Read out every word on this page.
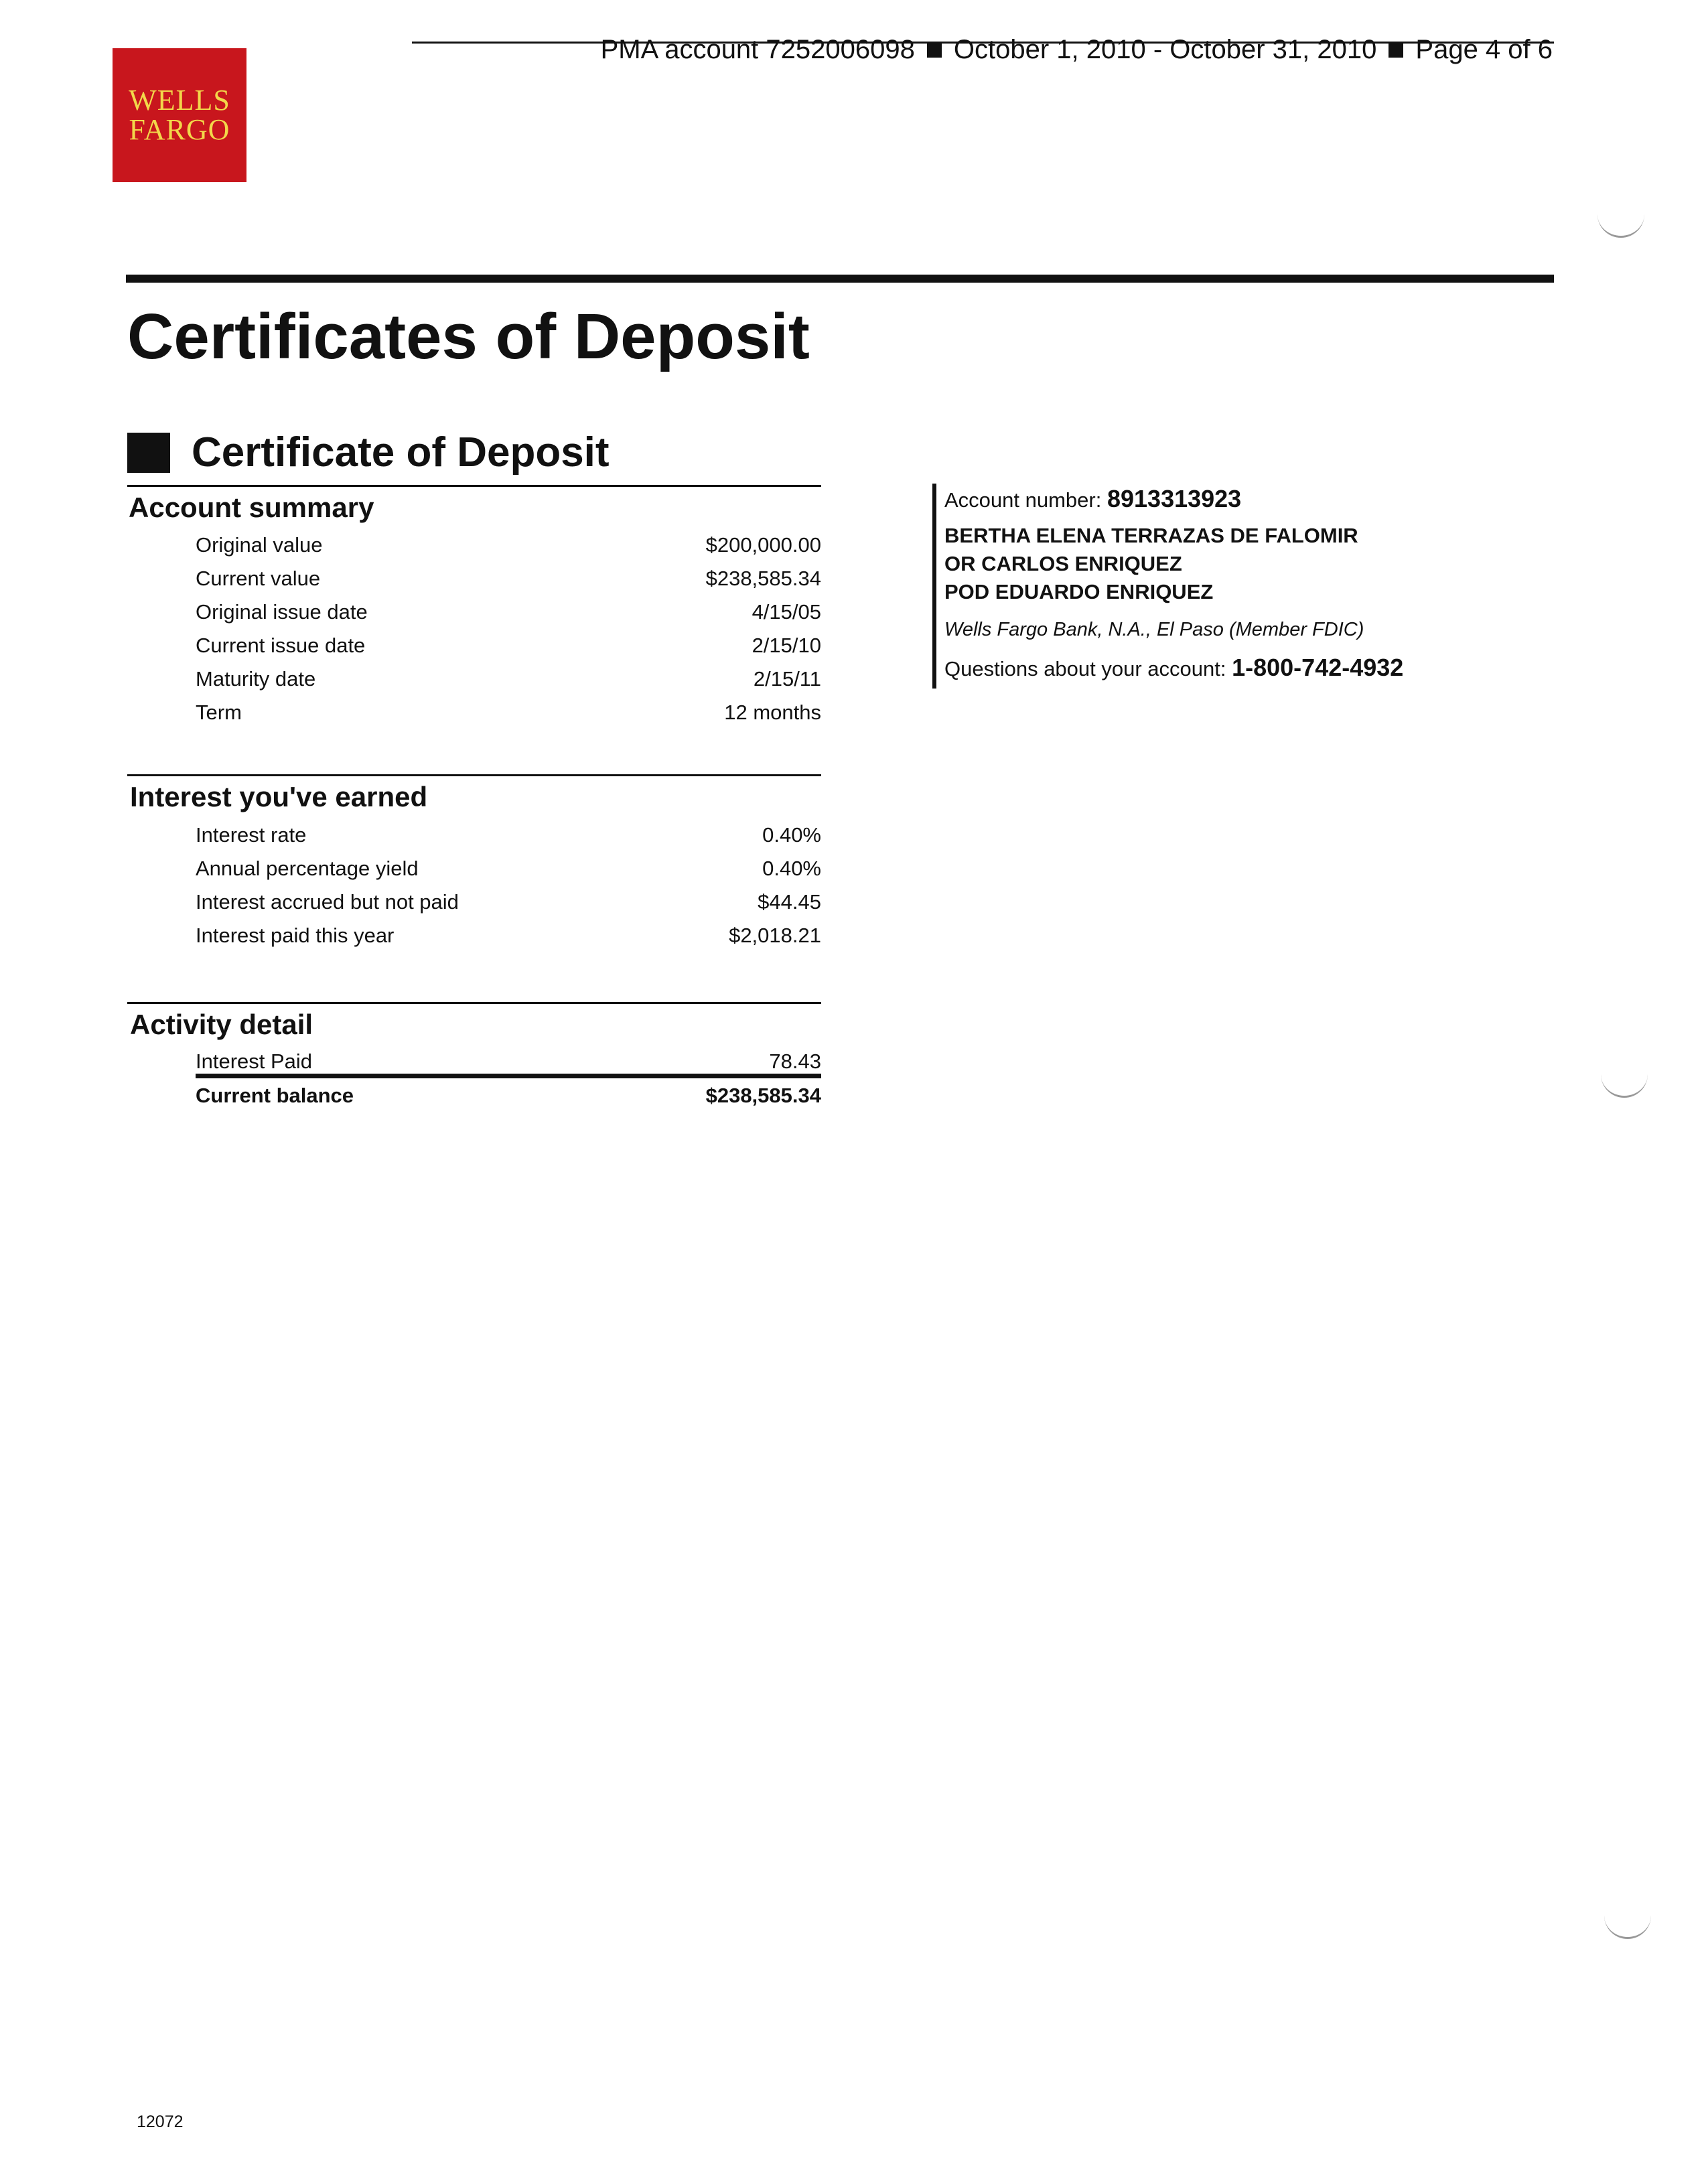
WELLS
FARGO
PMA account 7252006098 October 1, 2010 - October 31, 2010 Page 4 of 6
Certificates of Deposit
Certificate of Deposit
Account summary
Original value	$200,000.00
Current value	$238,585.34
Original issue date	4/15/05
Current issue date	2/15/10
Maturity date	2/15/11
Term	12 months
Interest you've earned
Interest rate	0.40%
Annual percentage yield	0.40%
Interest accrued but not paid	$44.45
Interest paid this year	$2,018.21
Activity detail
Interest Paid	78.43
Current balance	$238,585.34
Account number: 8913313923
BERTHA ELENA TERRAZAS DE FALOMIR
OR CARLOS ENRIQUEZ
POD EDUARDO ENRIQUEZ
Wells Fargo Bank, N.A., El Paso (Member FDIC)
Questions about your account: 1-800-742-4932
12072
